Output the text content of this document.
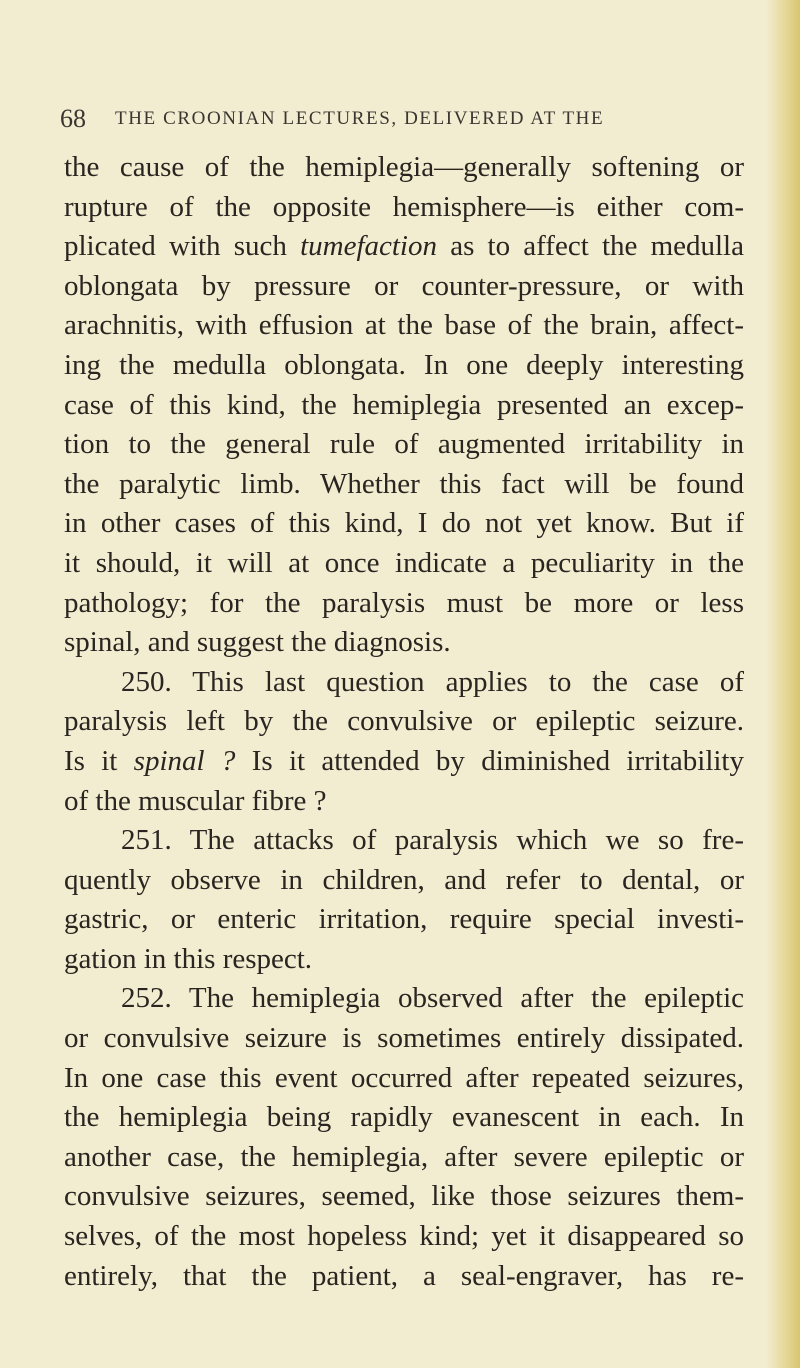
68 THE CROONIAN LECTURES, DELIVERED AT THE
the cause of the hemiplegia—generally softening or
rupture of the opposite hemisphere—is either com-
plicated with such tumefaction as to affect the medulla
oblongata by pressure or counter-pressure, or with
arachnitis, with effusion at the base of the brain, affect-
ing the medulla oblongata. In one deeply interesting
case of this kind, the hemiplegia presented an excep-
tion to the general rule of augmented irritability in
the paralytic limb. Whether this fact will be found
in other cases of this kind, I do not yet know. But if
it should, it will at once indicate a peculiarity in the
pathology; for the paralysis must be more or less
spinal, and suggest the diagnosis.
250. This last question applies to the case of
paralysis left by the convulsive or epileptic seizure.
Is it spinal ? Is it attended by diminished irritability
of the muscular fibre ?
251. The attacks of paralysis which we so fre-
quently observe in children, and refer to dental, or
gastric, or enteric irritation, require special investi-
gation in this respect.
252. The hemiplegia observed after the epileptic
or convulsive seizure is sometimes entirely dissipated.
In one case this event occurred after repeated seizures,
the hemiplegia being rapidly evanescent in each. In
another case, the hemiplegia, after severe epileptic or
convulsive seizures, seemed, like those seizures them-
selves, of the most hopeless kind; yet it disappeared so
entirely, that the patient, a seal-engraver, has re-
